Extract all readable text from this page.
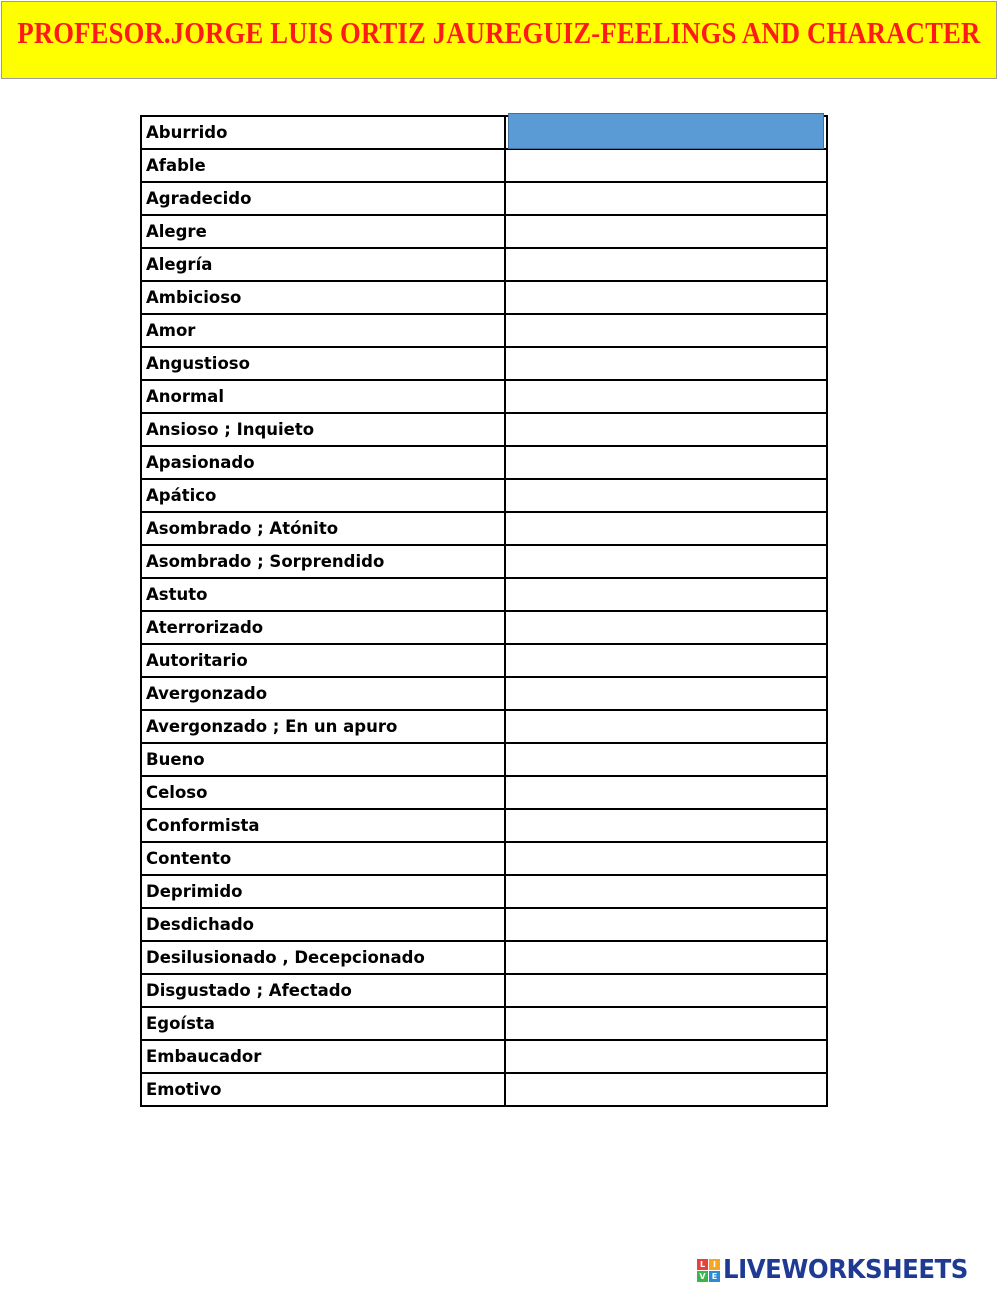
PROFESOR.JORGE LUIS ORTIZ JAUREGUIZ-FEELINGS AND CHARACTER
Aburrido	

Afable	
Agradecido	
Alegre	
Alegría	
Ambicioso	
Amor	
Angustioso	
Anormal	
Ansioso ; Inquieto	
Apasionado	
Apático	
Asombrado ; Atónito	
Asombrado ; Sorprendido	
Astuto	
Aterrorizado	
Autoritario	
Avergonzado	
Avergonzado ; En un apuro	
Bueno	
Celoso	
Conformista	
Contento	
Deprimido	
Desdichado	
Desilusionado , Decepcionado	
Disgustado ; Afectado	
Egoísta	
Embaucador	
Emotivo	
L I
V E LIVEWORKSHEETS
